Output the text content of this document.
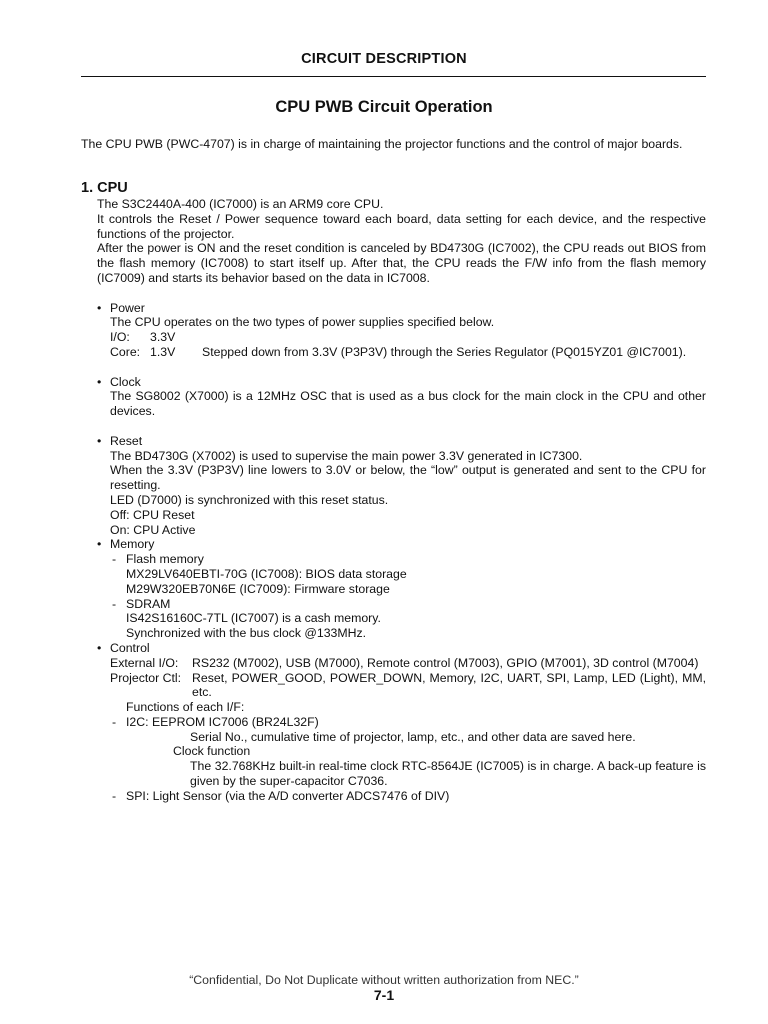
CIRCUIT DESCRIPTION
CPU PWB Circuit Operation

The CPU PWB (PWC-4707) is in charge of maintaining the projector functions and the control of major boards.

1. CPU

The S3C2440A-400 (IC7000) is an ARM9 core CPU.

It controls the Reset / Power sequence toward each board, data setting for each device, and the respective functions of the projector.

After the power is ON and the reset condition is canceled by BD4730G (IC7002), the CPU reads out BIOS from the flash memory (IC7008) to start itself up. After that, the CPU reads the F/W info from the flash memory (IC7009) and starts its behavior based on the data in IC7008.

• Power
The CPU operates on the two types of power supplies specified below.
I/O:	3.3V
Core: 1.3V	Stepped down from 3.3V (P3P3V) through the Series Regulator (PQ015YZ01 @IC7001).
• Clock
The SG8002 (X7000) is a 12MHz OSC that is used as a bus clock for the main clock in the CPU and other devices.
• Reset
The BD4730G (X7002) is used to supervise the main power 3.3V generated in IC7300.
When the 3.3V (P3P3V) line lowers to 3.0V or below, the “low” output is generated and sent to the CPU for resetting.
LED (D7000) is synchronized with this reset status.
Off: CPU Reset
On: CPU Active
• Memory
- Flash memory
MX29LV640EBTI-70G (IC7008): BIOS data storage
M29W320EB70N6E (IC7009): Firmware storage
- SDRAM
IS42S16160C-7TL (IC7007) is a cash memory.
Synchronized with the bus clock @133MHz.
• Control
External I/O:	RS232 (M7002), USB (M7000), Remote control (M7003), GPIO (M7001), 3D control (M7004)
Projector Ctl: Reset, POWER_GOOD, POWER_DOWN, Memory, I2C, UART, SPI, Lamp, LED (Light), MM, etc.
Functions of each I/F:
- I2C: EEPROM IC7006 (BR24L32F)
Serial No., cumulative time of projector, lamp, etc., and other data are saved here.
Clock function
The 32.768KHz built-in real-time clock RTC-8564JE (IC7005) is in charge. A back-up feature is given by the super-capacitor C7036.
- SPI: Light Sensor (via the A/D converter ADCS7476 of DIV)
“Confidential, Do Not Duplicate without written authorization from NEC.”
7-1
